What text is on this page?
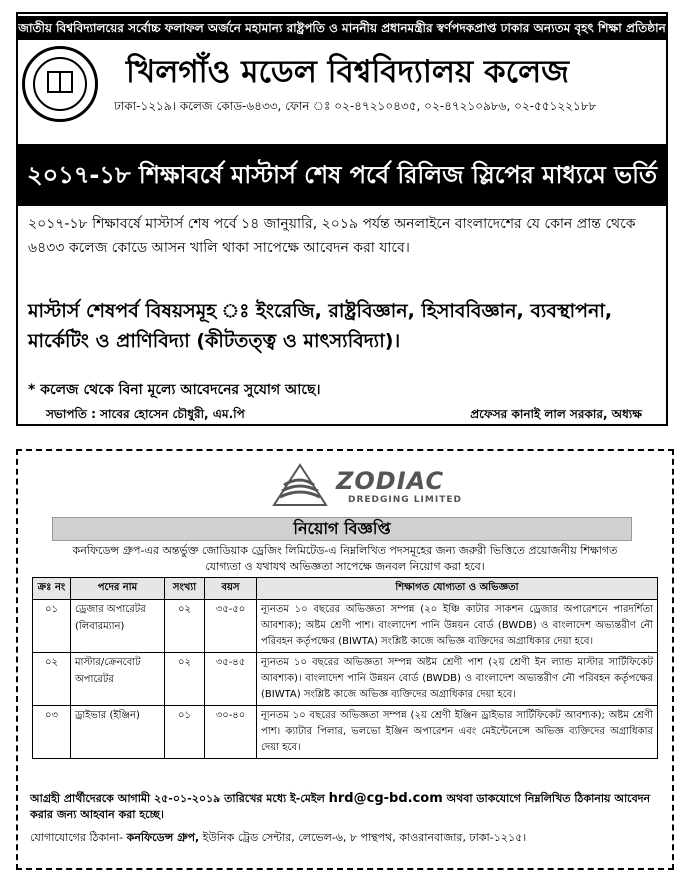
জাতীয় বিশ্ববিদ্যালয়ের সর্বোচ্চ ফলাফল অর্জনে মহামান্য রাষ্ট্রপতি ও মাননীয় প্রধানমন্ত্রীর স্বর্ণপদকপ্রাপ্ত ঢাকার অন্যতম বৃহৎ শিক্ষা প্রতিষ্ঠান
খিলগাঁও মডেল বিশ্ববিদ্যালয় কলেজ
ঢাকা-১২১৯। কলেজ কোড-৬৪৩৩, ফোন ঃ ০২-৪৭২১০৪৩৫, ০২-৪৭২১০৯৮৬, ০২-৫৫১২২১৮৮
২০১৭-১৮ শিক্ষাবর্ষে মাস্টার্স শেষ পর্বে রিলিজ স্লিপের মাধ্যমে ভর্তি
২০১৭-১৮ শিক্ষাবর্ষে মাস্টার্স শেষ পর্বে ১৪ জানুয়ারি, ২০১৯ পর্যন্ত অনলাইনে বাংলাদেশের যে কোন প্রান্ত থেকে ৬৪৩৩ কলেজ কোডে আসন খালি থাকা সাপেক্ষে আবেদন করা যাবে।
মাস্টার্স শেষপর্ব বিষয়সমূহ ঃ ইংরেজি, রাষ্ট্রবিজ্ঞান, হিসাববিজ্ঞান, ব্যবস্থাপনা, মার্কেটিং ও প্রাণিবিদ্যা (কীটতত্ত্ব ও মাৎস্যবিদ্যা)।
* কলেজ থেকে বিনা মূল্যে আবেদনের সুযোগ আছে।
সভাপতি : সাবের হোসেন চৌধুরী, এম.পি	প্রফেসর কানাই লাল সরকার, অধ্যক্ষ
ZODIAC
DREDGING LIMITED
নিয়োগ বিজ্ঞপ্তি
কনফিডেন্স গ্রুপ-এর অন্তর্ভুক্ত জোডিয়াক ড্রেজিং লিমিটেড-এ নিম্নলিখিত পদসমূহের জন্য জরুরী ভিত্তিতে প্রয়োজনীয় শিক্ষাগত যোগ্যতা ও যথাযথ অভিজ্ঞতা সাপেক্ষে জনবল নিয়োগ করা হবে।
ক্রঃ নং	পদের নাম	সংখ্যা	বয়স	শিক্ষাগত যোগ্যতা ও অভিজ্ঞতা
০১	ড্রেজার অপারেটর (লিবারম্যান)	০২	৩৫-৫০	ন্যূনতম ১০ বছরের অভিজ্ঞতা সম্পন্ন (২০ ইঞ্চি কাটার সাকশন ড্রেজার অপারেশনে পারদর্শিতা আবশ্যক); অষ্টম শ্রেণী পাশ। বাংলাদেশ পানি উন্নয়ন বোর্ড (BWDB) ও বাংলাদেশ অভ্যন্তরীণ নৌ পরিবহন কর্তৃপক্ষের (BIWTA) সংশ্লিষ্ট কাজে অভিজ্ঞ ব্যক্তিদের অগ্রাধিকার দেয়া হবে।
০২	মাস্টার/ক্রেনবোট অপারেটর	০২	৩৫-৪৫	ন্যূনতম ১০ বছরের অভিজ্ঞতা সম্পন্ন অষ্টম শ্রেণী পাশ (২য় শ্রেণী ইন ল্যান্ড মাস্টার সার্টিফিকেট আবশ্যক)। বাংলাদেশ পানি উন্নয়ন বোর্ড (BWDB) ও বাংলাদেশ অভ্যন্তরীণ নৌ পরিবহন কর্তৃপক্ষের (BIWTA) সংশ্লিষ্ট কাজে অভিজ্ঞ ব্যক্তিদের অগ্রাধিকার দেয়া হবে।
০৩	ড্রাইভার (ইঞ্জিন)	০১	৩০-৪০	ন্যূনতম ১০ বছরের অভিজ্ঞতা সম্পন্ন (২য় শ্রেণী ইঞ্জিন ড্রাইভার সার্টিফিকেট আবশ্যক); অষ্টম শ্রেণী পাশ। ক্যাটার পিলার, ভলভো ইঞ্জিন অপারেশন এবং মেইন্টেনেন্সে অভিজ্ঞ ব্যক্তিদের অগ্রাধিকার দেয়া হবে।
আগ্রহী প্রার্থীদেরকে আগামী ২৫-০১-২০১৯ তারিখের মধ্যে ই-মেইল hrd@cg-bd.com অথবা ডাকযোগে নিম্নলিখিত ঠিকানায় আবেদন করার জন্য আহবান করা হচ্ছে।
যোগাযোগের ঠিকানা- কনফিডেন্স গ্রুপ, ইউনিক ট্রেড সেন্টার, লেভেল-৬, ৮ পান্থপথ, কাওরানবাজার, ঢাকা-১২১৫।
